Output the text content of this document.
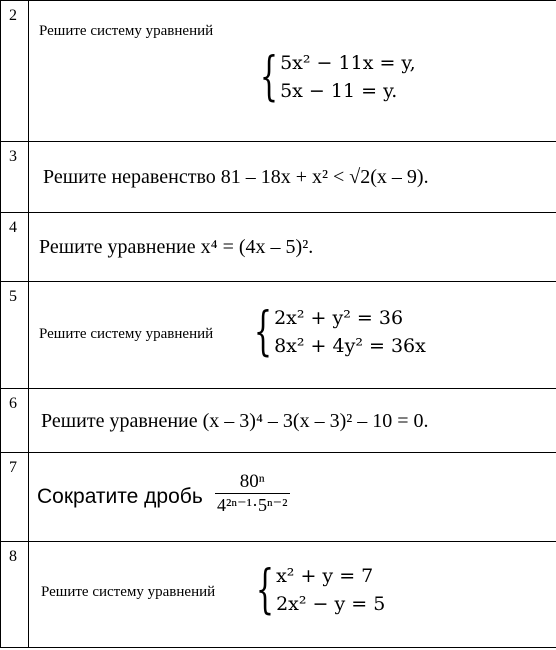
2	Решите систему уравнений
{ 5x² − 11x = y,
5x − 11 = y.

3	Решите неравенство 81 – 18x + x² < √2(x – 9).

4	Решите уравнение x⁴ = (4x – 5)².

5	Решите систему уравнений { 2x² + y² = 36
8x² + 4y² = 36x

6	Решите уравнение (x – 3)⁴ – 3(x – 3)² – 10 = 0.

7	Сократите дробь
80ⁿ
4²ⁿ⁻¹·5ⁿ⁻²

8	Решите систему уравнений { x² + y = 7
2x² − y = 5
